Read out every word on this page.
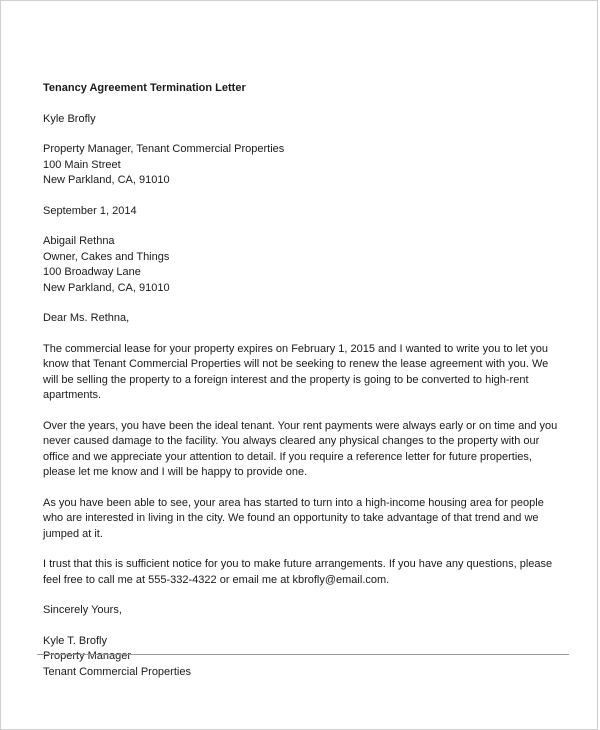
Tenancy Agreement Termination Letter
Kyle Brofly
Property Manager, Tenant Commercial Properties
100 Main Street
New Parkland, CA, 91010
September 1, 2014
Abigail Rethna
Owner, Cakes and Things
100 Broadway Lane
New Parkland, CA, 91010
Dear Ms. Rethna,

The commercial lease for your property expires on February 1, 2015 and I wanted to write you to let you know that Tenant Commercial Properties will not be seeking to renew the lease agreement with you. We will be selling the property to a foreign interest and the property is going to be converted to high-rent apartments.

Over the years, you have been the ideal tenant. Your rent payments were always early or on time and you never caused damage to the facility. You always cleared any physical changes to the property with our office and we appreciate your attention to detail. If you require a reference letter for future properties, please let me know and I will be happy to provide one.

As you have been able to see, your area has started to turn into a high-income housing area for people who are interested in living in the city. We found an opportunity to take advantage of that trend and we jumped at it.

I trust that this is sufficient notice for you to make future arrangements. If you have any questions, please feel free to call me at 555-332-4322 or email me at kbrofly@email.com.

Sincerely Yours,
Kyle T. Brofly
Property Manager
Tenant Commercial Properties
